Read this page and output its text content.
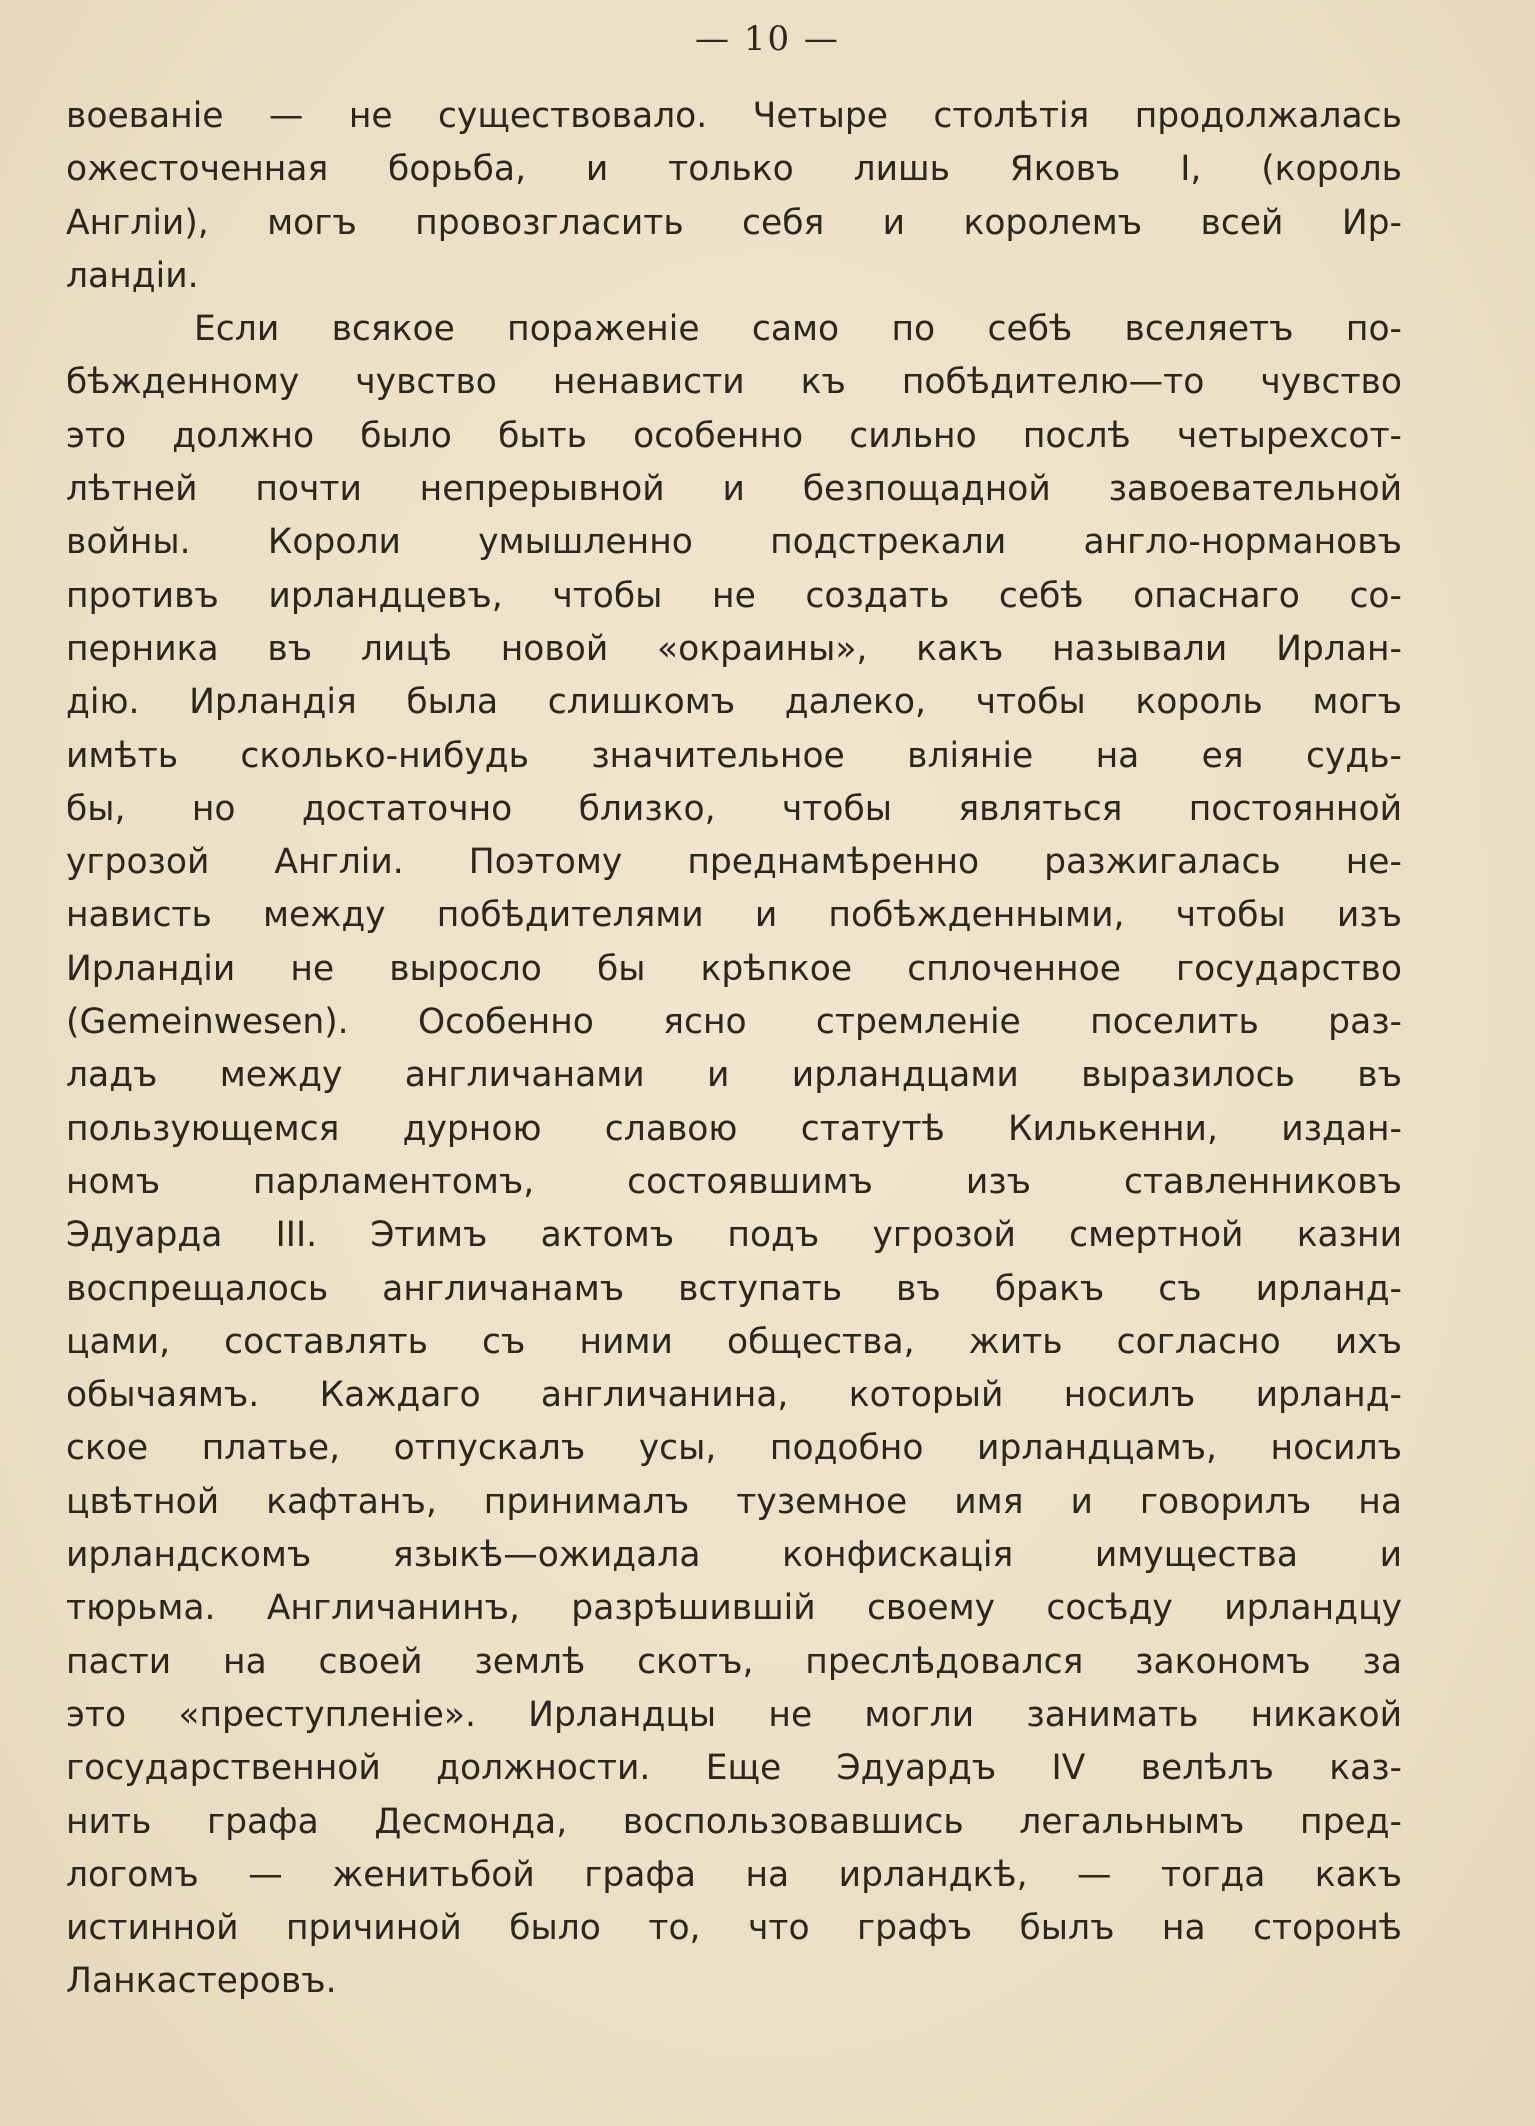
— 10 —
воеванiе — не существовало. Четыре столѣтiя продолжалась
ожесточенная борьба, и только лишь Яковъ I, (король
Англiи), могъ провозгласить себя и королемъ всей Ир-
ландiи.
Если всякое пораженiе само по себѣ вселяетъ по-
бѣжденному чувство ненависти къ побѣдителю—то чувство
это должно было быть особенно сильно послѣ четырехсот-
лѣтней почти непрерывной и безпощадной завоевательной
войны. Короли умышленно подстрекали англо-нормановъ
противъ ирландцевъ, чтобы не создать себѣ опаснаго со-
перника въ лицѣ новой «окраины», какъ называли Ирлан-
дiю. Ирландiя была слишкомъ далеко, чтобы король могъ
имѣть сколько-нибудь значительное влiянiе на ея судь-
бы, но достаточно близко, чтобы являться постоянной
угрозой Англiи. Поэтому преднамѣренно разжигалась не-
нависть между побѣдителями и побѣжденными, чтобы изъ
Ирландiи не выросло бы крѣпкое сплоченное государство
(Gemeinwesen). Особенно ясно стремленiе поселить раз-
ладъ между англичанами и ирландцами выразилось въ
пользующемся дурною славою статутѣ Килькенни, издан-
номъ парламентомъ, состоявшимъ изъ ставленниковъ
Эдуарда III. Этимъ актомъ подъ угрозой смертной казни
воспрещалось англичанамъ вступать въ бракъ съ ирланд-
цами, составлять съ ними общества, жить согласно ихъ
обычаямъ. Каждаго англичанина, который носилъ ирланд-
ское платье, отпускалъ усы, подобно ирландцамъ, носилъ
цвѣтной кафтанъ, принималъ туземное имя и говорилъ на
ирландскомъ языкѣ—ожидала конфискацiя имущества и
тюрьма. Англичанинъ, разрѣшившiй своему сосѣду ирландцу
пасти на своей землѣ скотъ, преслѣдовался закономъ за
это «преступленiе». Ирландцы не могли занимать никакой
государственной должности. Еще Эдуардъ IV велѣлъ каз-
нить графа Десмонда, воспользовавшись легальнымъ пред-
логомъ — женитьбой графа на ирландкѣ, — тогда какъ
истинной причиной было то, что графъ былъ на сторонѣ
Ланкастеровъ.
